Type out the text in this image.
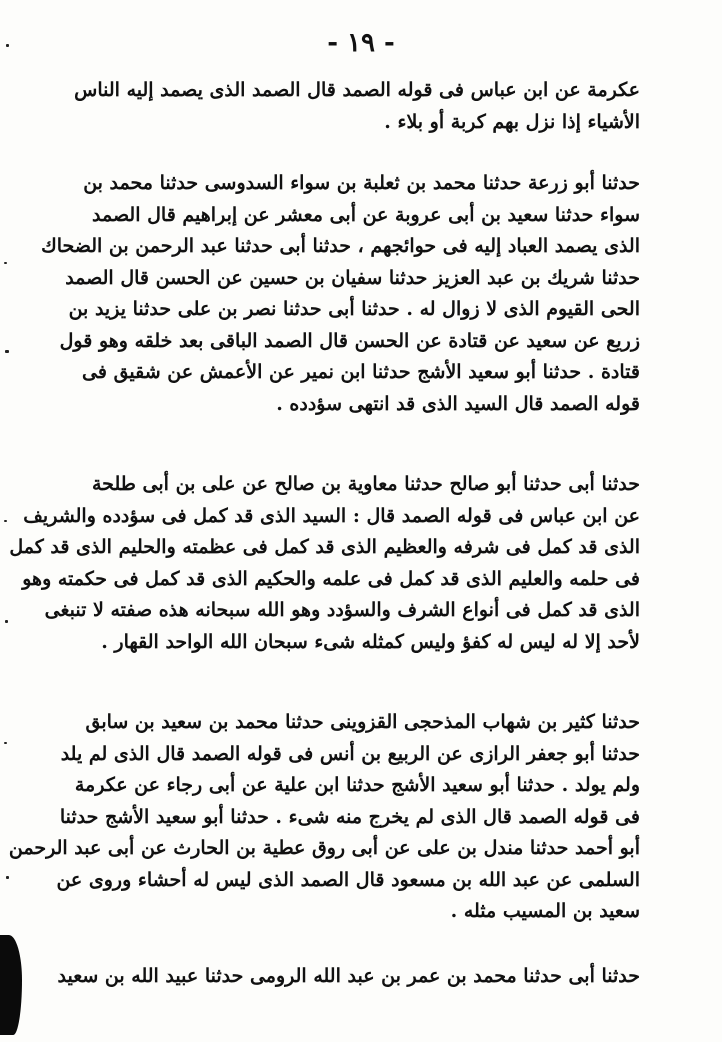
- ١٩ -
عكرمة عن ابن عباس فى قوله الصمد قال الصمد الذى يصمد إليه الناس
الأشياء إذا نزل بهم كربة أو بلاء .
حدثنا أبو زرعة حدثنا محمد بن ثعلبة بن سواء السدوسى حدثنا محمد بن
سواء حدثنا سعيد بن أبى عروبة عن أبى معشر عن إبراهيم قال الصمد
الذى يصمد العباد إليه فى حوائجهم ، حدثنا أبى حدثنا عبد الرحمن بن الضحاك
حدثنا شريك بن عبد العزيز حدثنا سفيان بن حسين عن الحسن قال الصمد
الحى القيوم الذى لا زوال له . حدثنا أبى حدثنا نصر بن على حدثنا يزيد بن
زريع عن سعيد عن قتادة عن الحسن قال الصمد الباقى بعد خلقه وهو قول
قتادة . حدثنا أبو سعيد الأشج حدثنا ابن نمير عن الأعمش عن شقيق فى
قوله الصمد قال السيد الذى قد انتهى سؤدده .
حدثنا أبى حدثنا أبو صالح حدثنا معاوية بن صالح عن على بن أبى طلحة
عن ابن عباس فى قوله الصمد قال : السيد الذى قد كمل فى سؤدده والشريف
الذى قد كمل فى شرفه والعظيم الذى قد كمل فى عظمته والحليم الذى قد كمل
فى حلمه والعليم الذى قد كمل فى علمه والحكيم الذى قد كمل فى حكمته وهو
الذى قد كمل فى أنواع الشرف والسؤدد وهو الله سبحانه هذه صفته لا تنبغى
لأحد إلا له ليس له كفؤ وليس كمثله شىء سبحان الله الواحد القهار .
حدثنا كثير بن شهاب المذحجى القزوينى حدثنا محمد بن سعيد بن سابق
حدثنا أبو جعفر الرازى عن الربيع بن أنس فى قوله الصمد قال الذى لم يلد
ولم يولد . حدثنا أبو سعيد الأشج حدثنا ابن علية عن أبى رجاء عن عكرمة
فى قوله الصمد قال الذى لم يخرج منه شىء . حدثنا أبو سعيد الأشج حدثنا
أبو أحمد حدثنا مندل بن على عن أبى روق عطية بن الحارث عن أبى عبد الرحمن
السلمى عن عبد الله بن مسعود قال الصمد الذى ليس له أحشاء وروى عن
سعيد بن المسيب مثله .
حدثنا أبى حدثنا محمد بن عمر بن عبد الله الرومى حدثنا عبيد الله بن سعيد
